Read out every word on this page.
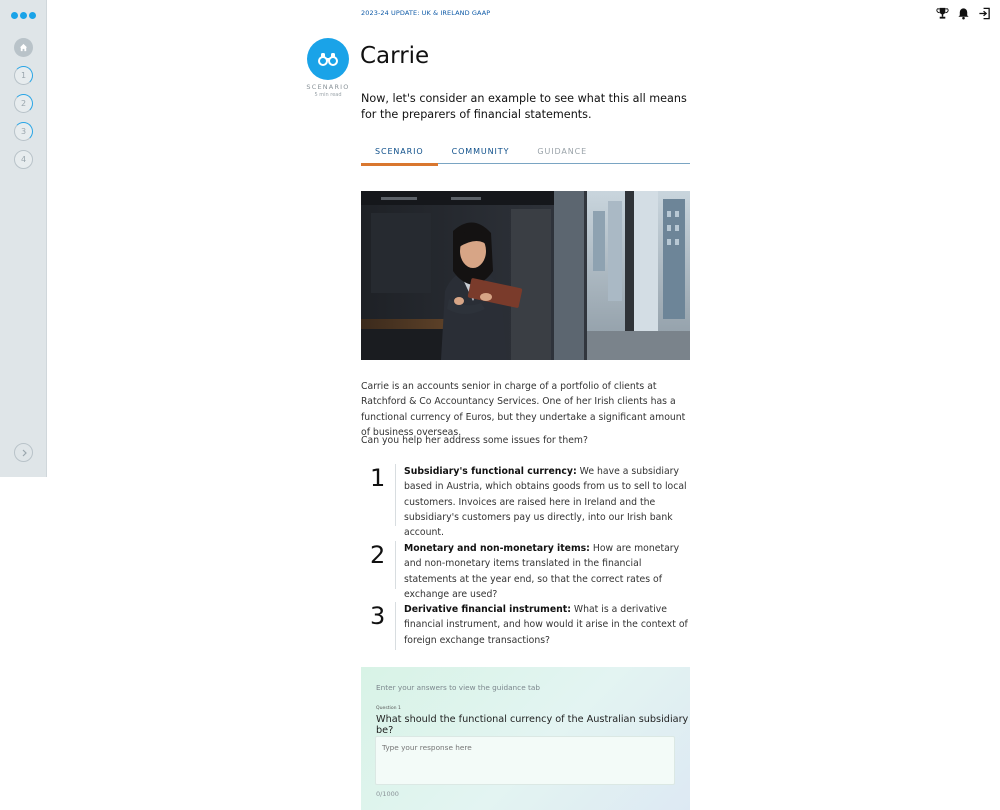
1
2
3
4
2023-24 UPDATE: UK & IRELAND GAAP
SCENARIO
5 min read
Carrie

Now, let's consider an example to see what this all means for the preparers of financial statements.

SCENARIO	COMMUNITY	GUIDANCE

Carrie is an accounts senior in charge of a portfolio of clients at Ratchford & Co Accountancy Services. One of her Irish clients has a functional currency of Euros, but they undertake a significant amount of business overseas.

Can you help her address some issues for them?

1 Subsidiary's functional currency: We have a subsidiary based in Austria, which obtains goods from us to sell to local customers. Invoices are raised here in Ireland and the subsidiary's customers pay us directly, into our Irish bank account.
2 Monetary and non-monetary items: How are monetary and non-monetary items translated in the financial statements at the year end, so that the correct rates of exchange are used?
3 Derivative financial instrument: What is a derivative financial instrument, and how would it arise in the context of foreign exchange transactions?
Enter your answers to view the guidance tab
Question 1
What should the functional currency of the Australian subsidiary be?
Type your response here
0/1000
